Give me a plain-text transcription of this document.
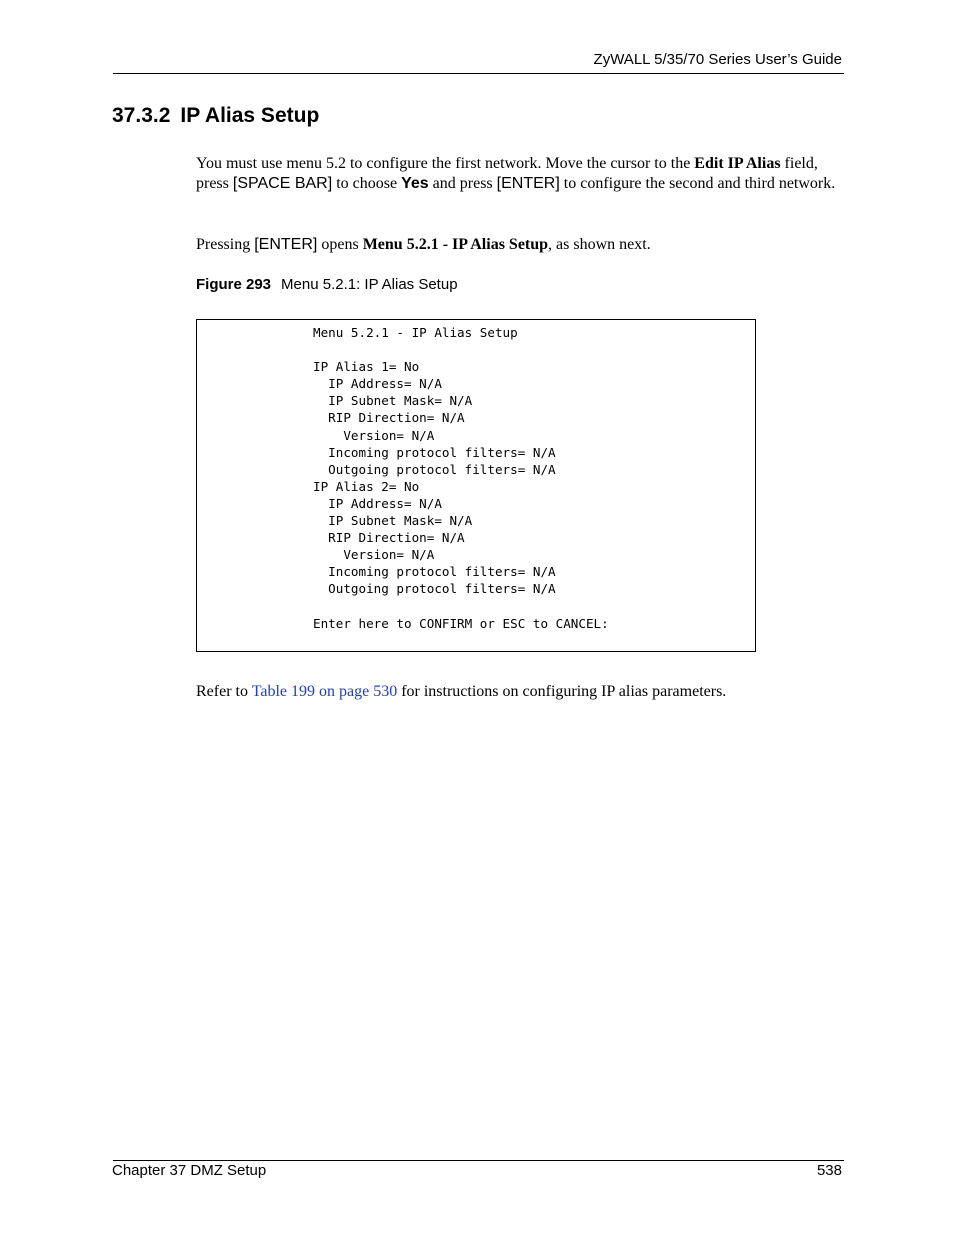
ZyWALL 5/35/70 Series User’s Guide
37.3.2 IP Alias Setup

You must use menu 5.2 to configure the first network. Move the cursor to the Edit IP Alias field, press [SPACE BAR] to choose Yes and press [ENTER] to configure the second and third network.

Pressing [ENTER] opens Menu 5.2.1 - IP Alias Setup, as shown next.

Figure 293 Menu 5.2.1: IP Alias Setup
Menu 5.2.1 - IP Alias Setup

IP Alias 1= No
IP Address= N/A
IP Subnet Mask= N/A
RIP Direction= N/A
Version= N/A
Incoming protocol filters= N/A
Outgoing protocol filters= N/A
IP Alias 2= No
IP Address= N/A
IP Subnet Mask= N/A
RIP Direction= N/A
Version= N/A
Incoming protocol filters= N/A
Outgoing protocol filters= N/A

Enter here to CONFIRM or ESC to CANCEL:

Refer to Table 199 on page 530 for instructions on configuring IP alias parameters.

Chapter 37 DMZ Setup	538
